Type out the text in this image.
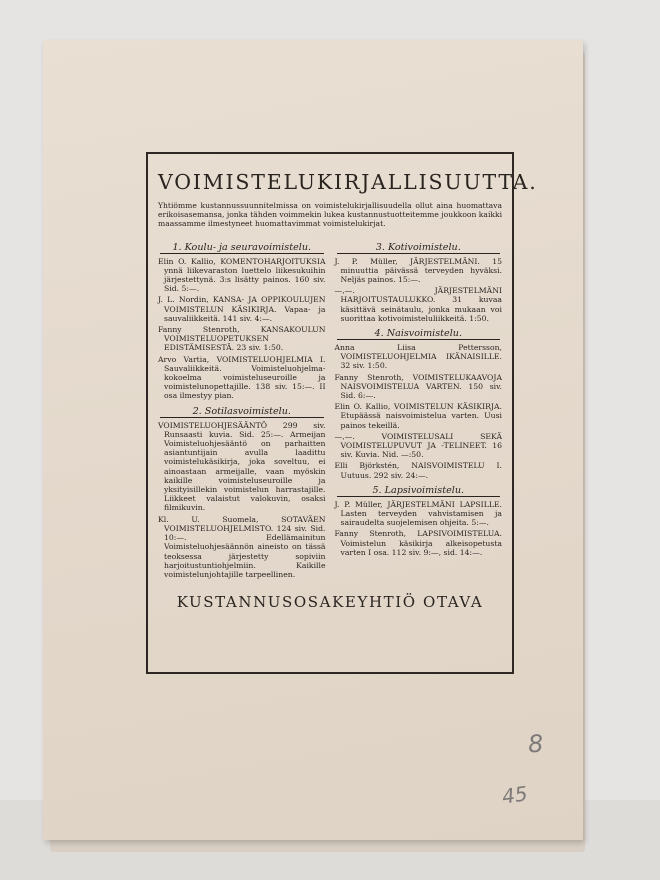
VOIMISTELUKIRJALLISUUTTA.
Yhtiömme kustannussuunnitelmissa on voimistelukirjallisuudella ollut aina huomattava erikoisasemansa, jonka tähden voimmekin lukea kustannustuotteitemme joukkoon kaikki maassamme ilmestyneet huomattavimmat voimistelukirjat.
1. Koulu- ja seuravoimistelu.
Elin O. Kallio, KOMENTOHARJOITUKSIA ynnä liikevaraston luettelo liikesukuihin järjestettynä. 3:s lisätty painos. 160 siv. Sid. 5:—.
J. L. Nordin, KANSA- JA OPPIKOULUJEN VOIMISTELUN KÄSIKIRJA. Vapaa- ja sauvaliikkeitä. 141 siv. 4:—.
Fanny Stenroth, KANSAKOULUN VOIMISTELUOPETUKSEN EDISTÄMISESTÄ. 23 siv. 1:50.
Arvo Vartia, VOIMISTELUOHJELMIA I. Sauvaliikkeitä. Voimisteluohjelma-kokoelma voimisteluseuroille ja voimistelunopettajille. 138 siv. 15:—. II osa ilmestyy pian.
2. Sotilasvoimistelu.
VOIMISTELUOHJESÄÄNTÖ 299 siv. Runsaasti kuvia. Sid. 25:—. Armeijan Voimisteluohjesääntö on parhaitten asiantuntijain avulla laadittu voimistelukäsikirja, joka soveltuu, ei ainoastaan armeijalle, vaan myöskin kaikille voimisteluseuroille ja yksityisillekin voimistelun harrastajille. Liikkeet valaistut valokuvin, osaksi filmikuvin.
Kl. U. Suomela, SOTAVÄEN VOIMISTELUOHJELMISTO. 124 siv. Sid. 10:—. Edellämainitun Voimisteluohjesäännön aineisto on tässä teoksessa järjestetty sopiviin harjoitustuntiohjelmiin. Kaikille voimistelunjohtajille tarpeellinen.
3. Kotivoimistelu.
J. P. Müller, JÄRJESTELMÄNI. 15 minuuttia päivässä terveyden hyväksi. Neljäs painos. 15:—.
—,—. JÄRJESTELMÄNI HARJOITUSTAULUKKO. 31 kuvaa käsittävä seinätaulu, jonka mukaan voi suorittaa kotivoimisteluliikkeitä. 1:50.
4. Naisvoimistelu.
Anna Liisa Pettersson, VOIMISTELUOHJELMIA IKÄNAISILLE. 32 siv. 1:50.
Fanny Stenroth, VOIMISTELUKAAVOJA NAISVOIMISTELUA VARTEN. 150 siv. Sid. 6:—.
Elin O. Kallio, VOIMISTELUN KÄSIKIRJA. Etupäässä naisvoimistelua varten. Uusi painos tekeillä.
—,—. VOIMISTELUSALI SEKÄ VOIMISTELUPUVUT JA -TELINEET. 16 siv. Kuvia. Nid. —:50.
Elli Björkstén, NAISVOIMISTELU I. Uutuus. 292 siv. 24:—.
5. Lapsivoimistelu.
J. P. Müller, JÄRJESTELMÄNI LAPSILLE. Lasten terveyden vahvistamisen ja sairaudelta suojelemisen ohjeita. 5:—.
Fanny Stenroth, LAPSIVOIMISTELUA. Voimistelun käsikirja alkeisopetusta varten I osa. 112 siv. 9:—, sid. 14:—.
KUSTANNUSOSAKEYHTIÖ OTAVA
8
45
